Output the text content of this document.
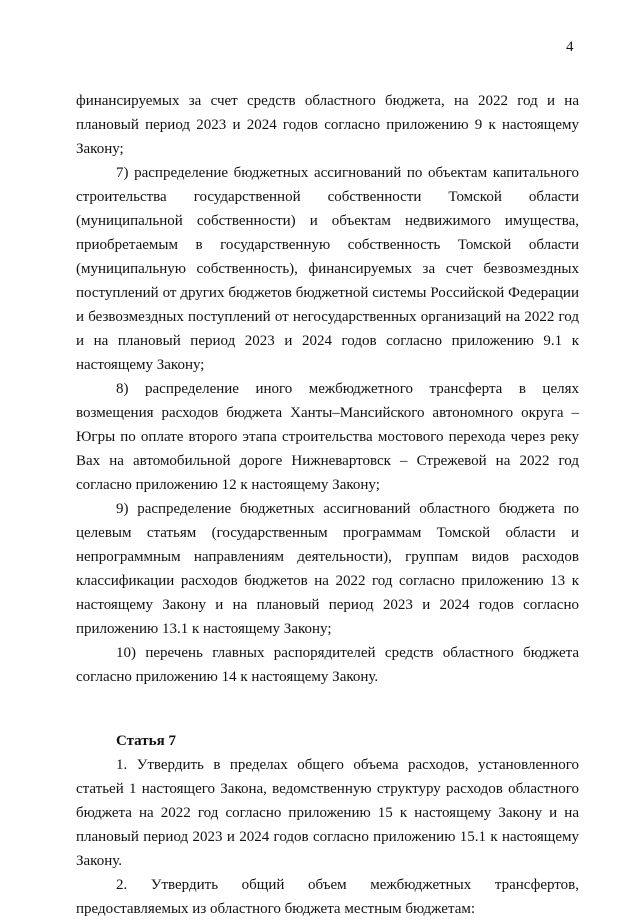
4

финансируемых за счет средств областного бюджета, на 2022 год и на плановый период 2023 и 2024 годов согласно приложению 9 к настоящему Закону;

7) распределение бюджетных ассигнований по объектам капитального строительства государственной собственности Томской области (муниципальной собственности) и объектам недвижимого имущества, приобретаемым в государственную собственность Томской области (муниципальную собственность), финансируемых за счет безвозмездных поступлений от других бюджетов бюджетной системы Российской Федерации и безвозмездных поступлений от негосударственных организаций на 2022 год и на плановый период 2023 и 2024 годов согласно приложению 9.1 к настоящему Закону;

8) распределение иного межбюджетного трансферта в целях возмещения расходов бюджета Ханты–Мансийского автономного округа – Югры по оплате второго этапа строительства мостового перехода через реку Вах на автомобильной дороге Нижневартовск – Стрежевой на 2022 год согласно приложению 12 к настоящему Закону;

9) распределение бюджетных ассигнований областного бюджета по целевым статьям (государственным программам Томской области и непрограммным направлениям деятельности), группам видов расходов классификации расходов бюджетов на 2022 год согласно приложению 13 к настоящему Закону и на плановый период 2023 и 2024 годов согласно приложению 13.1 к настоящему Закону;

10) перечень главных распорядителей средств областного бюджета согласно приложению 14 к настоящему Закону.

Статья 7

1. Утвердить в пределах общего объема расходов, установленного статьей 1 настоящего Закона, ведомственную структуру расходов областного бюджета на 2022 год согласно приложению 15 к настоящему Закону и на плановый период 2023 и 2024 годов согласно приложению 15.1 к настоящему Закону.

2. Утвердить общий объем межбюджетных трансфертов, предоставляемых из областного бюджета местным бюджетам:
